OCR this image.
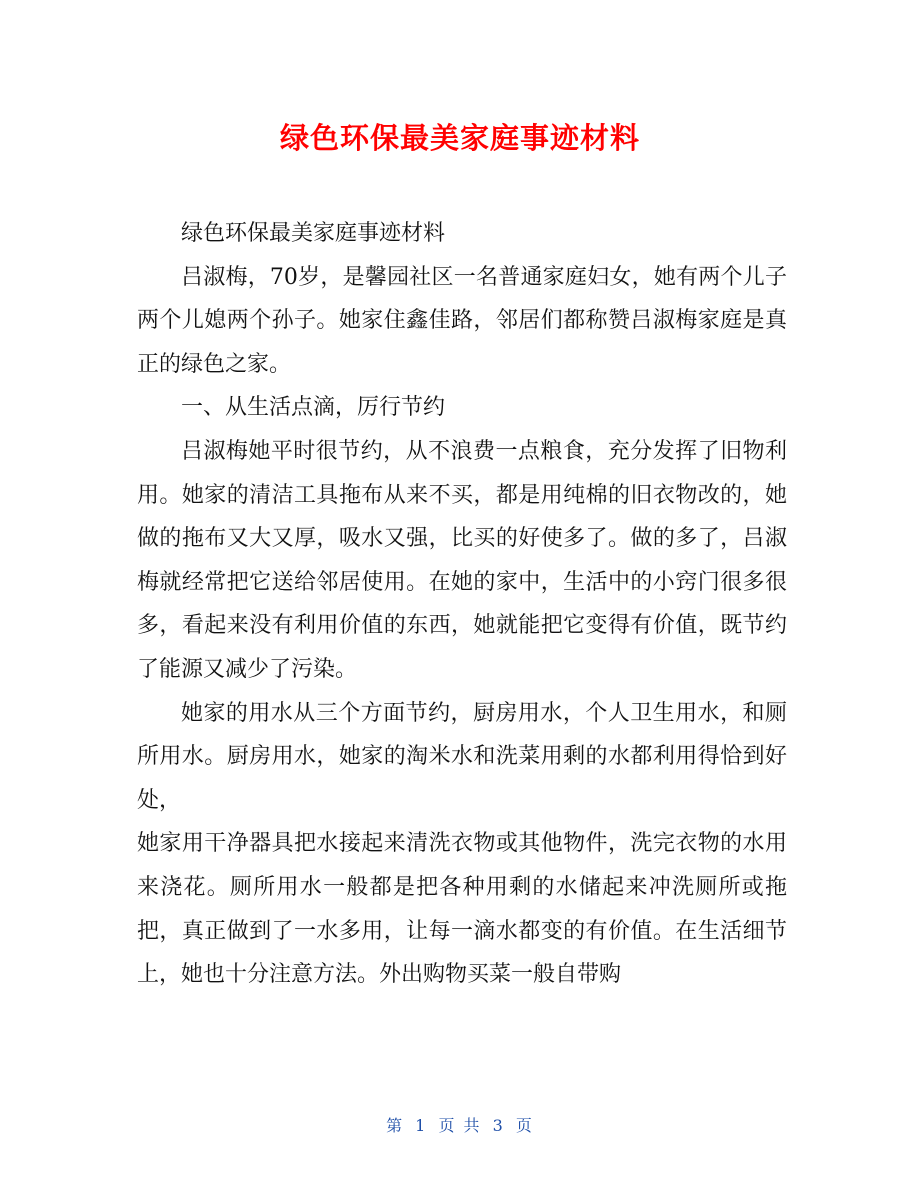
绿色环保最美家庭事迹材料

绿色环保最美家庭事迹材料

吕淑梅，70岁，是馨园社区一名普通家庭妇女，她有两个儿子两个儿媳两个孙子。她家住鑫佳路，邻居们都称赞吕淑梅家庭是真正的绿色之家。

一、从生活点滴，厉行节约

吕淑梅她平时很节约，从不浪费一点粮食，充分发挥了旧物利用。她家的清洁工具拖布从来不买，都是用纯棉的旧衣物改的，她做的拖布又大又厚，吸水又强，比买的好使多了。做的多了，吕淑梅就经常把它送给邻居使用。在她的家中，生活中的小窍门很多很多，看起来没有利用价值的东西，她就能把它变得有价值，既节约了能源又减少了污染。

她家的用水从三个方面节约，厨房用水，个人卫生用水，和厕所用水。厨房用水，她家的淘米水和洗菜用剩的水都利用得恰到好处，

她家用干净器具把水接起来清洗衣物或其他物件，洗完衣物的水用来浇花。厕所用水一般都是把各种用剩的水储起来冲洗厕所或拖把，真正做到了一水多用，让每一滴水都变的有价值。在生活细节上，她也十分注意方法。外出购物买菜一般自带购

第 1 页 共 3 页
